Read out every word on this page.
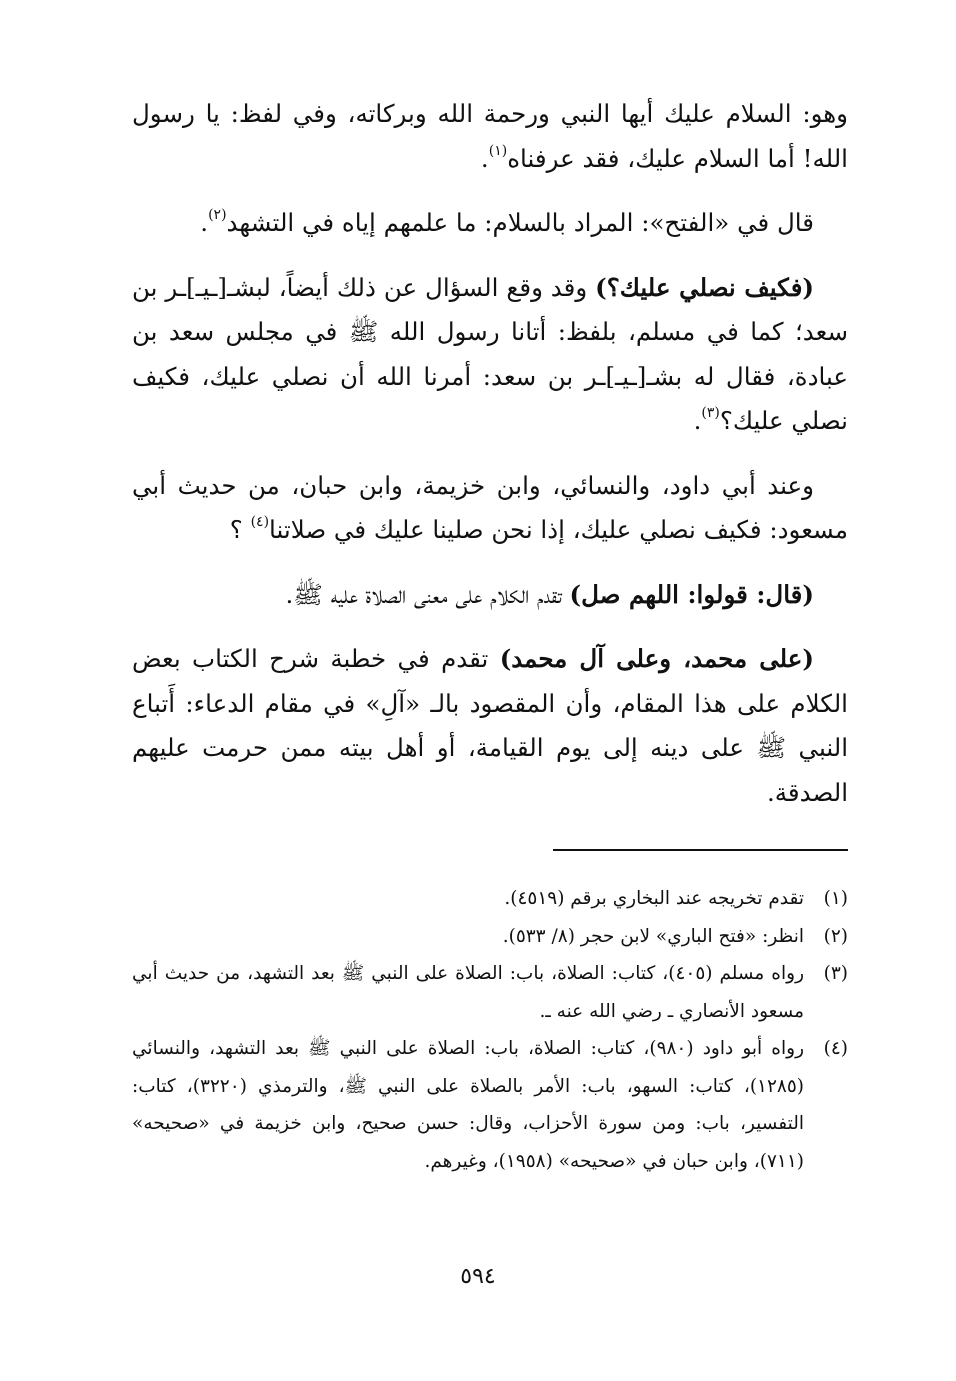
وهو: السلام عليك أيها النبي ورحمة الله وبركاته، وفي لفظ: يا رسول الله! أما السلام عليك، فقد عرفناه$^{(١)}$.

قال في «الفتح»: المراد بالسلام: ما علمهم إياه في التشهد$^{(٢)}$.

(فكيف نصلي عليك؟) وقد وقع السؤال عن ذلك أيضاً، لبشـ[ـيـ]ـر بن سعد؛ كما في مسلم، بلفظ: أتانا رسول الله ﷺ في مجلس سعد بن عبادة، فقال له بشـ[ـيـ]ـر بن سعد: أمرنا الله أن نصلي عليك، فكيف نصلي عليك؟$^{(٣)}$.

وعند أبي داود، والنسائي، وابن خزيمة، وابن حبان، من حديث أبي مسعود: فكيف نصلي عليك، إذا نحن صلينا عليك في صلاتنا$^{(٤)}$ ؟

(قال: قولوا: اللهم صل) تقدم الكلام على معنى الصلاة عليه ﷺ.

(على محمد، وعلى آل محمد) تقدم في خطبة شرح الكتاب بعض الكلام على هذا المقام، وأن المقصود بالـ «آلِ» في مقام الدعاء: أَتباع النبي ﷺ على دينه إلى يوم القيامة، أو أهل بيته ممن حرمت عليهم الصدقة.

(١)
تقدم تخريجه عند البخاري برقم (٤٥١٩).
(٢)
انظر: «فتح الباري» لابن حجر (٨/ ٥٣٣).
(٣)
رواه مسلم (٤٠٥)، كتاب: الصلاة، باب: الصلاة على النبي ﷺ بعد التشهد، من حديث أبي مسعود الأنصاري ـ رضي الله عنه ـ.
(٤)
رواه أبو داود (٩٨٠)، كتاب: الصلاة، باب: الصلاة على النبي ﷺ بعد التشهد، والنسائي (١٢٨٥)، كتاب: السهو، باب: الأمر بالصلاة على النبي ﷺ، والترمذي (٣٢٢٠)، كتاب: التفسير، باب: ومن سورة الأحزاب، وقال: حسن صحيح، وابن خزيمة في «صحيحه» (٧١١)، وابن حبان في «صحيحه» (١٩٥٨)، وغيرهم.
٥٩٤
